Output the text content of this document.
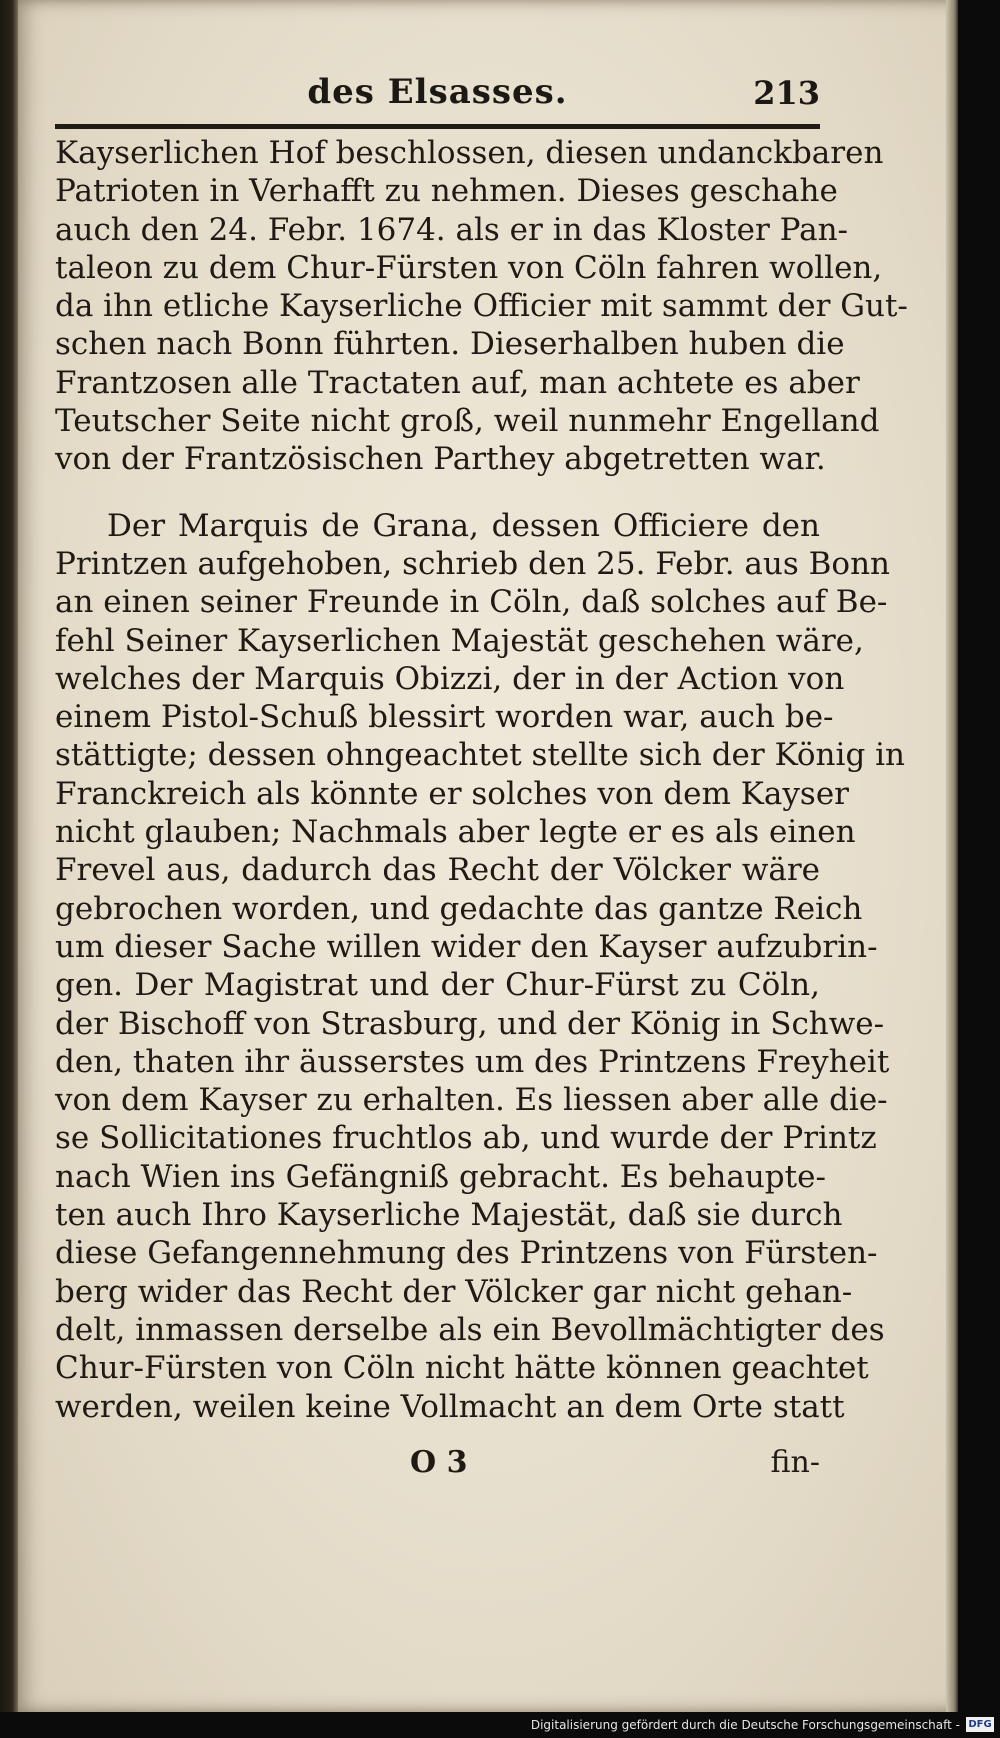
des Elsasses.	213
Kayserlichen Hof beschlossen, diesen undanckbaren
Patrioten in Verhafft zu nehmen. Dieses geschahe
auch den 24. Febr. 1674. als er in das Kloster Pan-
taleon zu dem Chur-Fürsten von Cöln fahren wollen,
da ihn etliche Kayserliche Officier mit sammt der Gut-
schen nach Bonn führten. Dieserhalben huben die
Frantzosen alle Tractaten auf, man achtete es aber
Teutscher Seite nicht groß, weil nunmehr Engelland
von der Frantzösischen Parthey abgetretten war.
Der Marquis de Grana, dessen Officiere den
Printzen aufgehoben, schrieb den 25. Febr. aus Bonn
an einen seiner Freunde in Cöln, daß solches auf Be-
fehl Seiner Kayserlichen Majestät geschehen wäre,
welches der Marquis Obizzi, der in der Action von
einem Pistol-Schuß blessirt worden war, auch be-
stättigte; dessen ohngeachtet stellte sich der König in
Franckreich als könnte er solches von dem Kayser
nicht glauben; Nachmals aber legte er es als einen
Frevel aus, dadurch das Recht der Völcker wäre
gebrochen worden, und gedachte das gantze Reich
um dieser Sache willen wider den Kayser aufzubrin-
gen. Der Magistrat und der Chur-Fürst zu Cöln,
der Bischoff von Strasburg, und der König in Schwe-
den, thaten ihr äusserstes um des Printzens Freyheit
von dem Kayser zu erhalten. Es liessen aber alle die-
se Sollicitationes fruchtlos ab, und wurde der Printz
nach Wien ins Gefängniß gebracht. Es behaupte-
ten auch Ihro Kayserliche Majestät, daß sie durch
diese Gefangennehmung des Printzens von Fürsten-
berg wider das Recht der Völcker gar nicht gehan-
delt, inmassen derselbe als ein Bevollmächtigter des
Chur-Fürsten von Cöln nicht hätte können geachtet
werden, weilen keine Vollmacht an dem Orte statt
O 3	fin-
Digitalisierung gefördert durch die Deutsche Forschungsgemeinschaft - DFG
